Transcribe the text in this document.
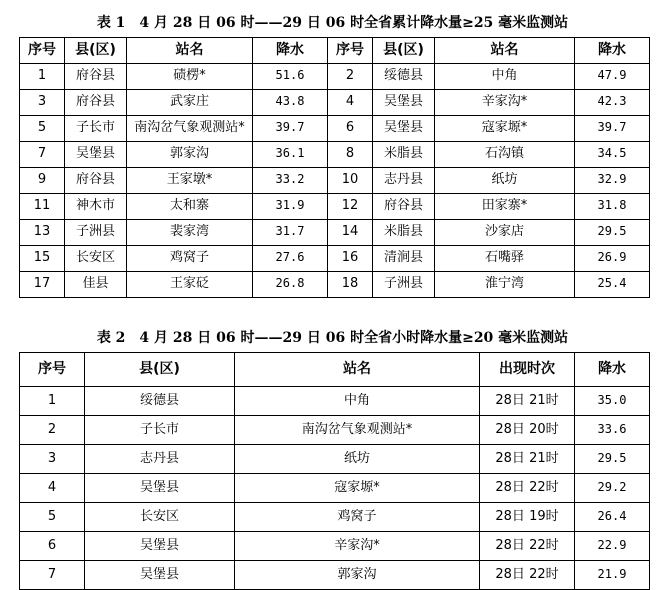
表 1　4 月 28 日 06 时——29 日 06 时全省累计降水量≥25 毫米监测站
序号	县(区)	站名	降水	序号	县(区)	站名	降水

1	府谷县	碛楞*	51.6	2	绥德县	中角	47.9

3	府谷县	武家庄	43.8	4	吴堡县	辛家沟*	42.3

5	子长市	南沟岔气象观测站*	39.7	6	吴堡县	寇家塬*	39.7

7	吴堡县	郭家沟	36.1	8	米脂县	石沟镇	34.5

9	府谷县	王家墩*	33.2	10	志丹县	纸坊	32.9

11	神木市	太和寨	31.9	12	府谷县	田家寨*	31.8

13	子洲县	裴家湾	31.7	14	米脂县	沙家店	29.5

15	长安区	鸡窝子	27.6	16	清涧县	石嘴驿	26.9

17	佳县	王家砭	26.8	18	子洲县	淮宁湾	25.4
表 2　4 月 28 日 06 时——29 日 06 时全省小时降水量≥20 毫米监测站
序号	县(区)	站名	出现时次	降水

1	绥德县	中角	28日 21时	35.0

2	子长市	南沟岔气象观测站*	28日 20时	33.6

3	志丹县	纸坊	28日 21时	29.5

4	吴堡县	寇家塬*	28日 22时	29.2

5	长安区	鸡窝子	28日 19时	26.4

6	吴堡县	辛家沟*	28日 22时	22.9

7	吴堡县	郭家沟	28日 22时	21.9
